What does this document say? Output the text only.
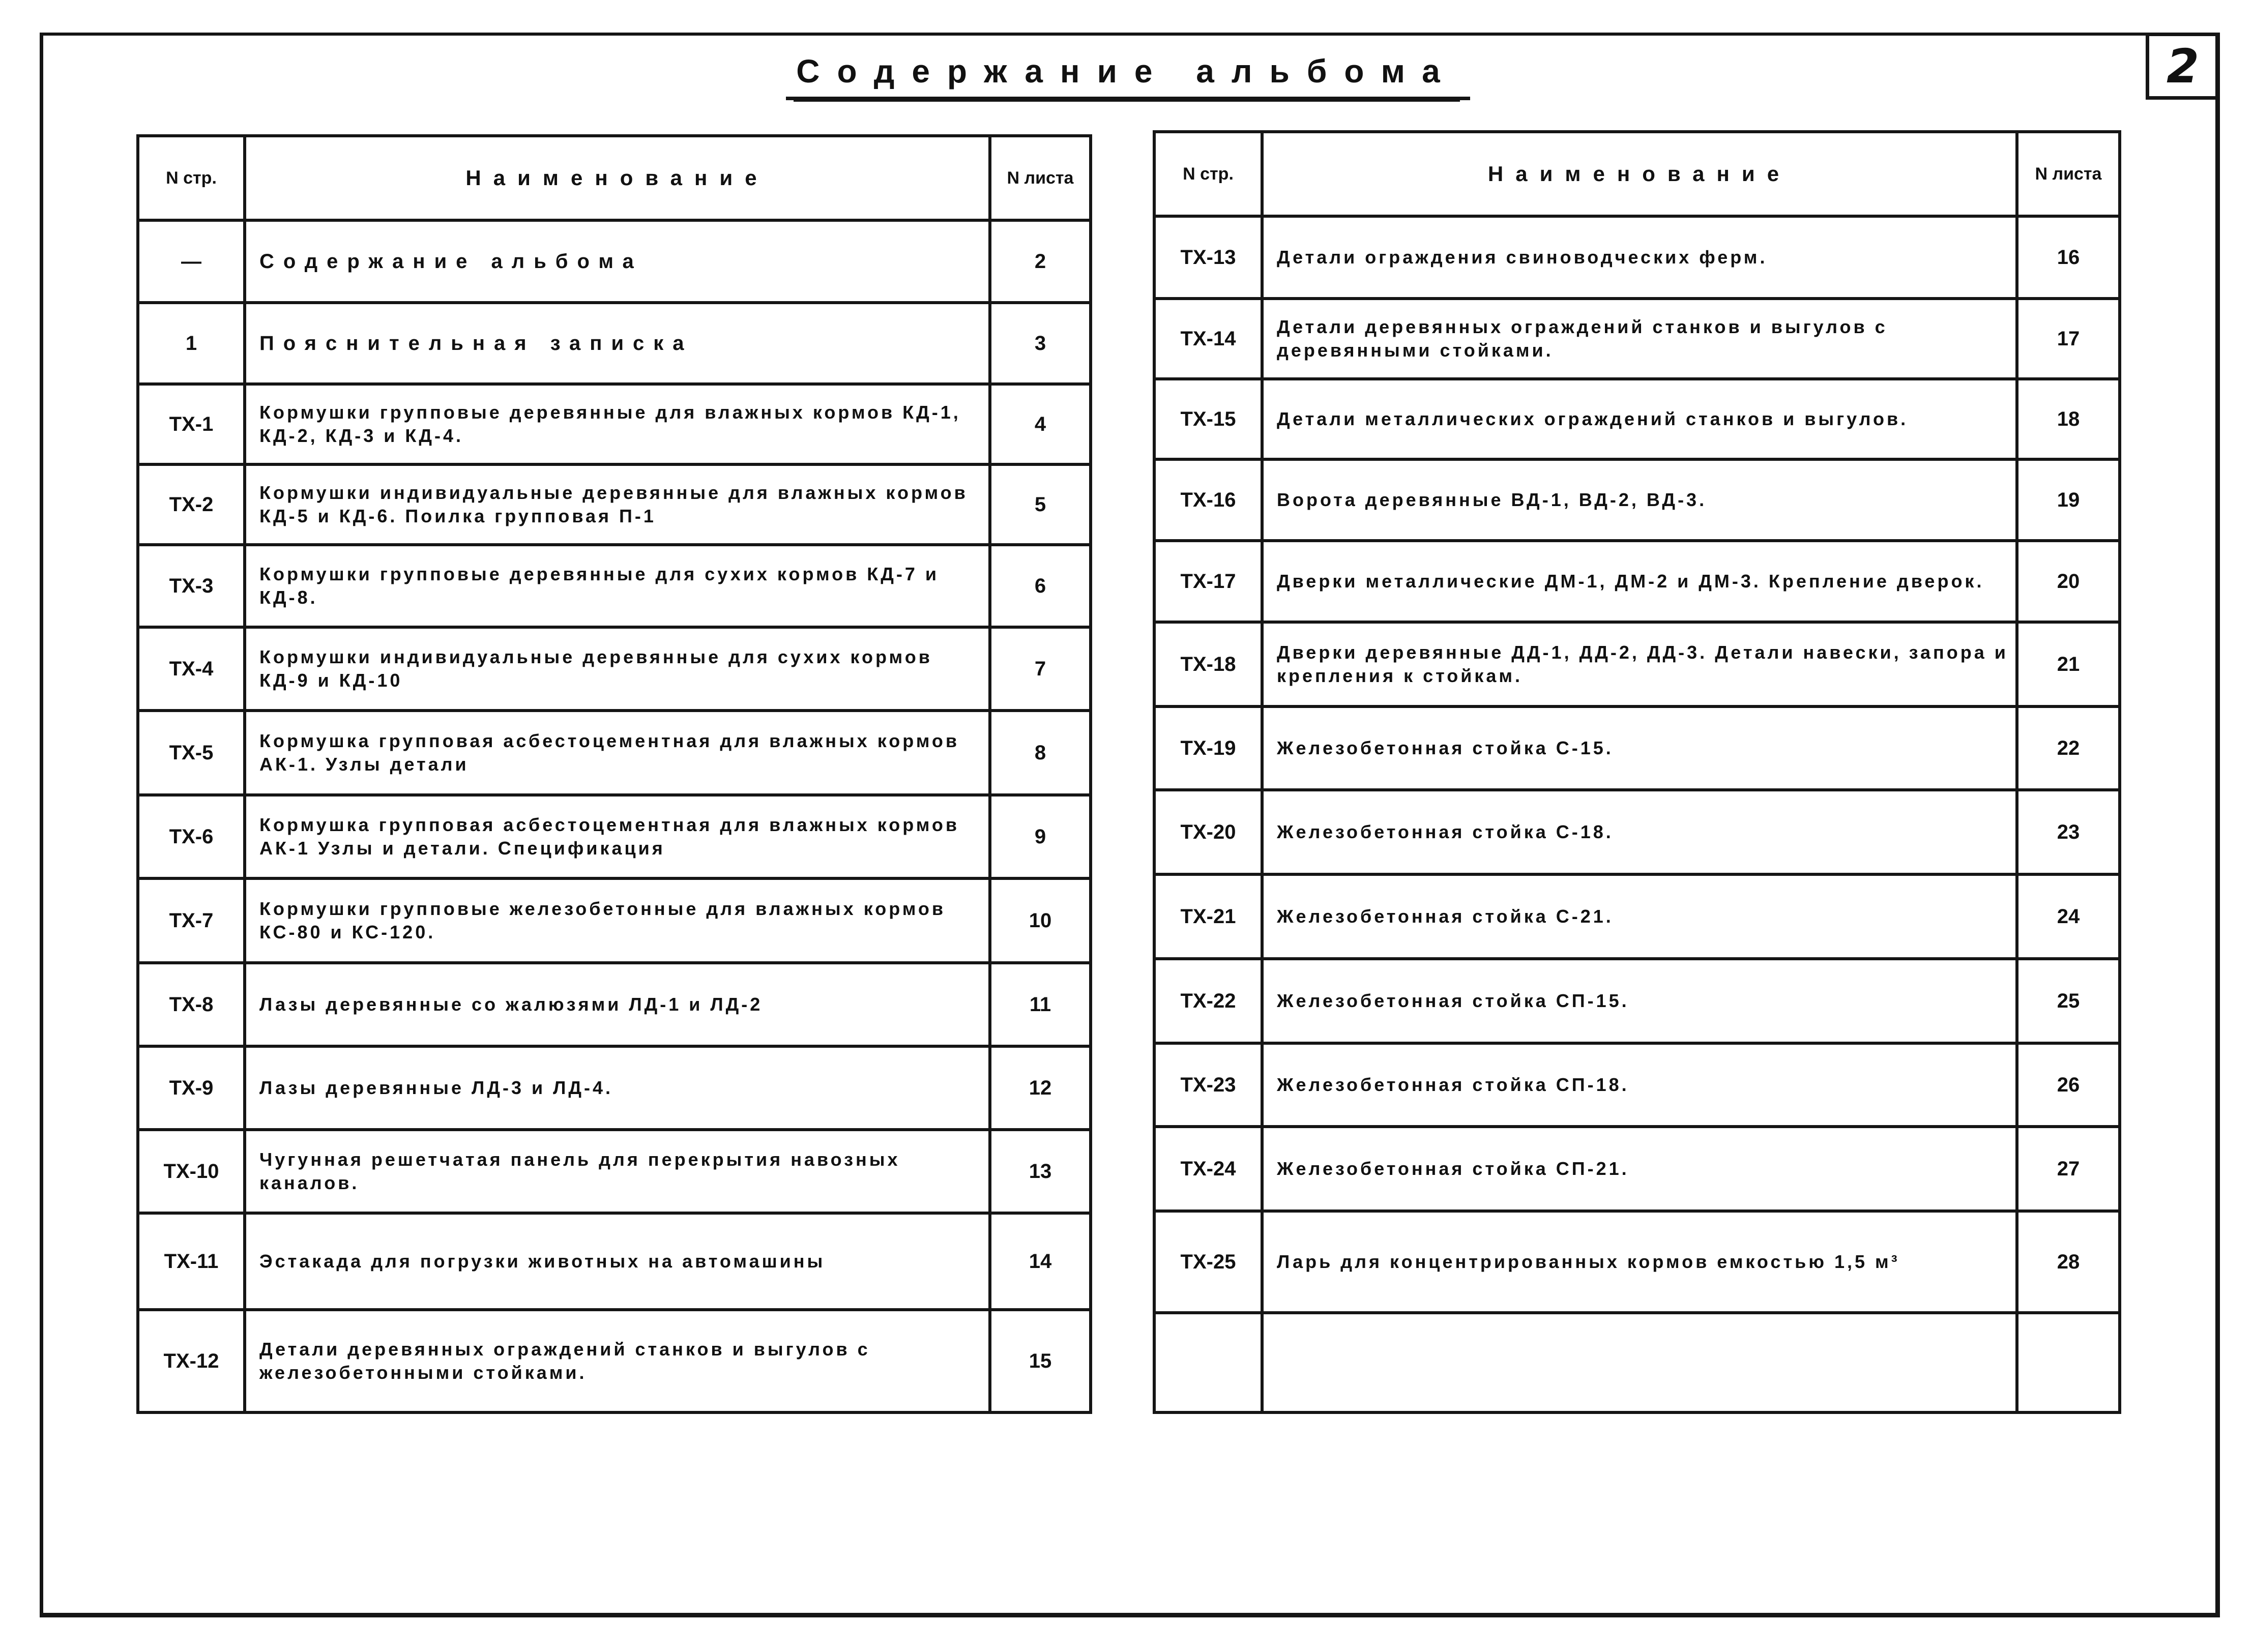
2
Содержание альбома
N стр.	Наименование	N листа
—	Содержание альбома	2
1	Пояснительная записка	3
ТХ-1	Кормушки групповые деревянные для влажных кормов КД-1, КД-2, КД-3 и КД-4.	4
ТХ-2	Кормушки индивидуальные деревянные для влажных кормов КД-5 и КД-6. Поилка групповая П-1	5
ТХ-3	Кормушки групповые деревянные для сухих кормов КД-7 и КД-8.	6
ТХ-4	Кормушки индивидуальные деревянные для сухих кормов КД-9 и КД-10	7
ТХ-5	Кормушка групповая асбестоцементная для влажных кормов АК-1. Узлы детали	8
ТХ-6	Кормушка групповая асбестоцементная для влажных кормов АК-1 Узлы и детали. Спецификация	9
ТХ-7	Кормушки групповые железобетонные для влажных кормов КС-80 и КС-120.	10
ТХ-8	Лазы деревянные со жалюзями ЛД-1 и ЛД-2	11
ТХ-9	Лазы деревянные ЛД-3 и ЛД-4.	12
ТХ-10	Чугунная решетчатая панель для перекрытия навозных каналов.	13
ТХ-11	Эстакада для погрузки животных на автомашины	14
ТХ-12	Детали деревянных ограждений станков и выгулов с железобетонными стойками.	15
N стр.	Наименование	N листа
ТХ-13	Детали ограждения свиноводческих ферм.	16
ТХ-14	Детали деревянных ограждений станков и выгулов с деревянными стойками.	17
ТХ-15	Детали металлических ограждений станков и выгулов.	18
ТХ-16	Ворота деревянные ВД-1, ВД-2, ВД-3.	19
ТХ-17	Дверки металлические ДМ-1, ДМ-2 и ДМ-3. Крепление дверок.	20
ТХ-18	Дверки деревянные ДД-1, ДД-2, ДД-3. Детали навески, запора и крепления к стойкам.	21
ТХ-19	Железобетонная стойка С-15.	22
ТХ-20	Железобетонная стойка С-18.	23
ТХ-21	Железобетонная стойка С-21.	24
ТХ-22	Железобетонная стойка СП-15.	25
ТХ-23	Железобетонная стойка СП-18.	26
ТХ-24	Железобетонная стойка СП-21.	27
ТХ-25	Ларь для концентрированных кормов емкостью 1,5 м³	28
